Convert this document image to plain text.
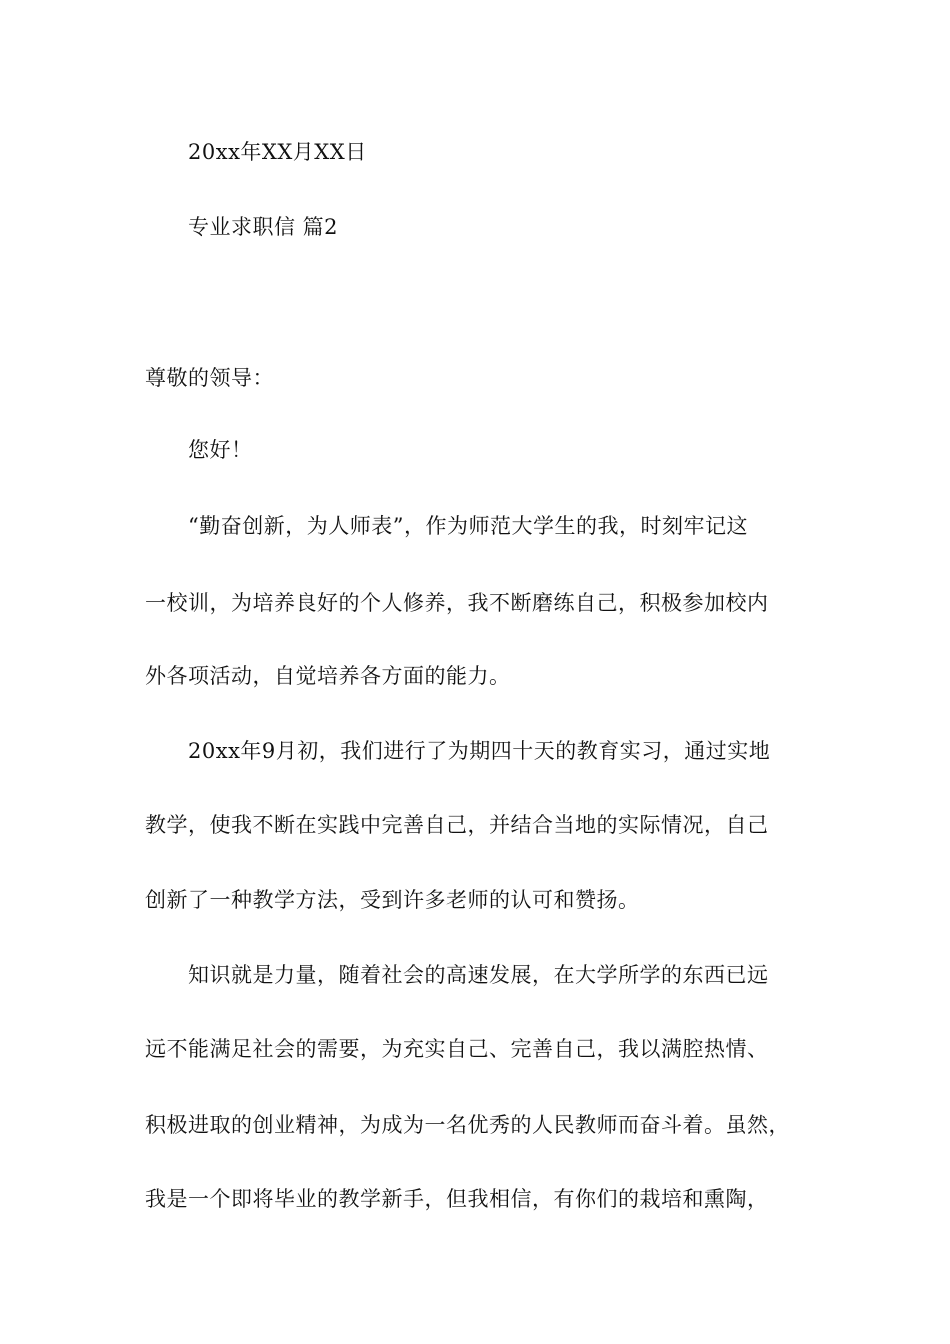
20xx年XX月XX日
专业求职信 篇2
尊敬的领导：
您好！
“勤奋创新，为人师表”，作为师范大学生的我，时刻牢记这
一校训，为培养良好的个人修养，我不断磨练自己，积极参加校内
外各项活动，自觉培养各方面的能力。
20xx年9月初，我们进行了为期四十天的教育实习，通过实地
教学，使我不断在实践中完善自己，并结合当地的实际情况，自己
创新了一种教学方法，受到许多老师的认可和赞扬。
知识就是力量，随着社会的高速发展，在大学所学的东西已远
远不能满足社会的需要，为充实自己、完善自己，我以满腔热情、
积极进取的创业精神，为成为一名优秀的人民教师而奋斗着。虽然，
我是一个即将毕业的教学新手，但我相信，有你们的栽培和熏陶，
